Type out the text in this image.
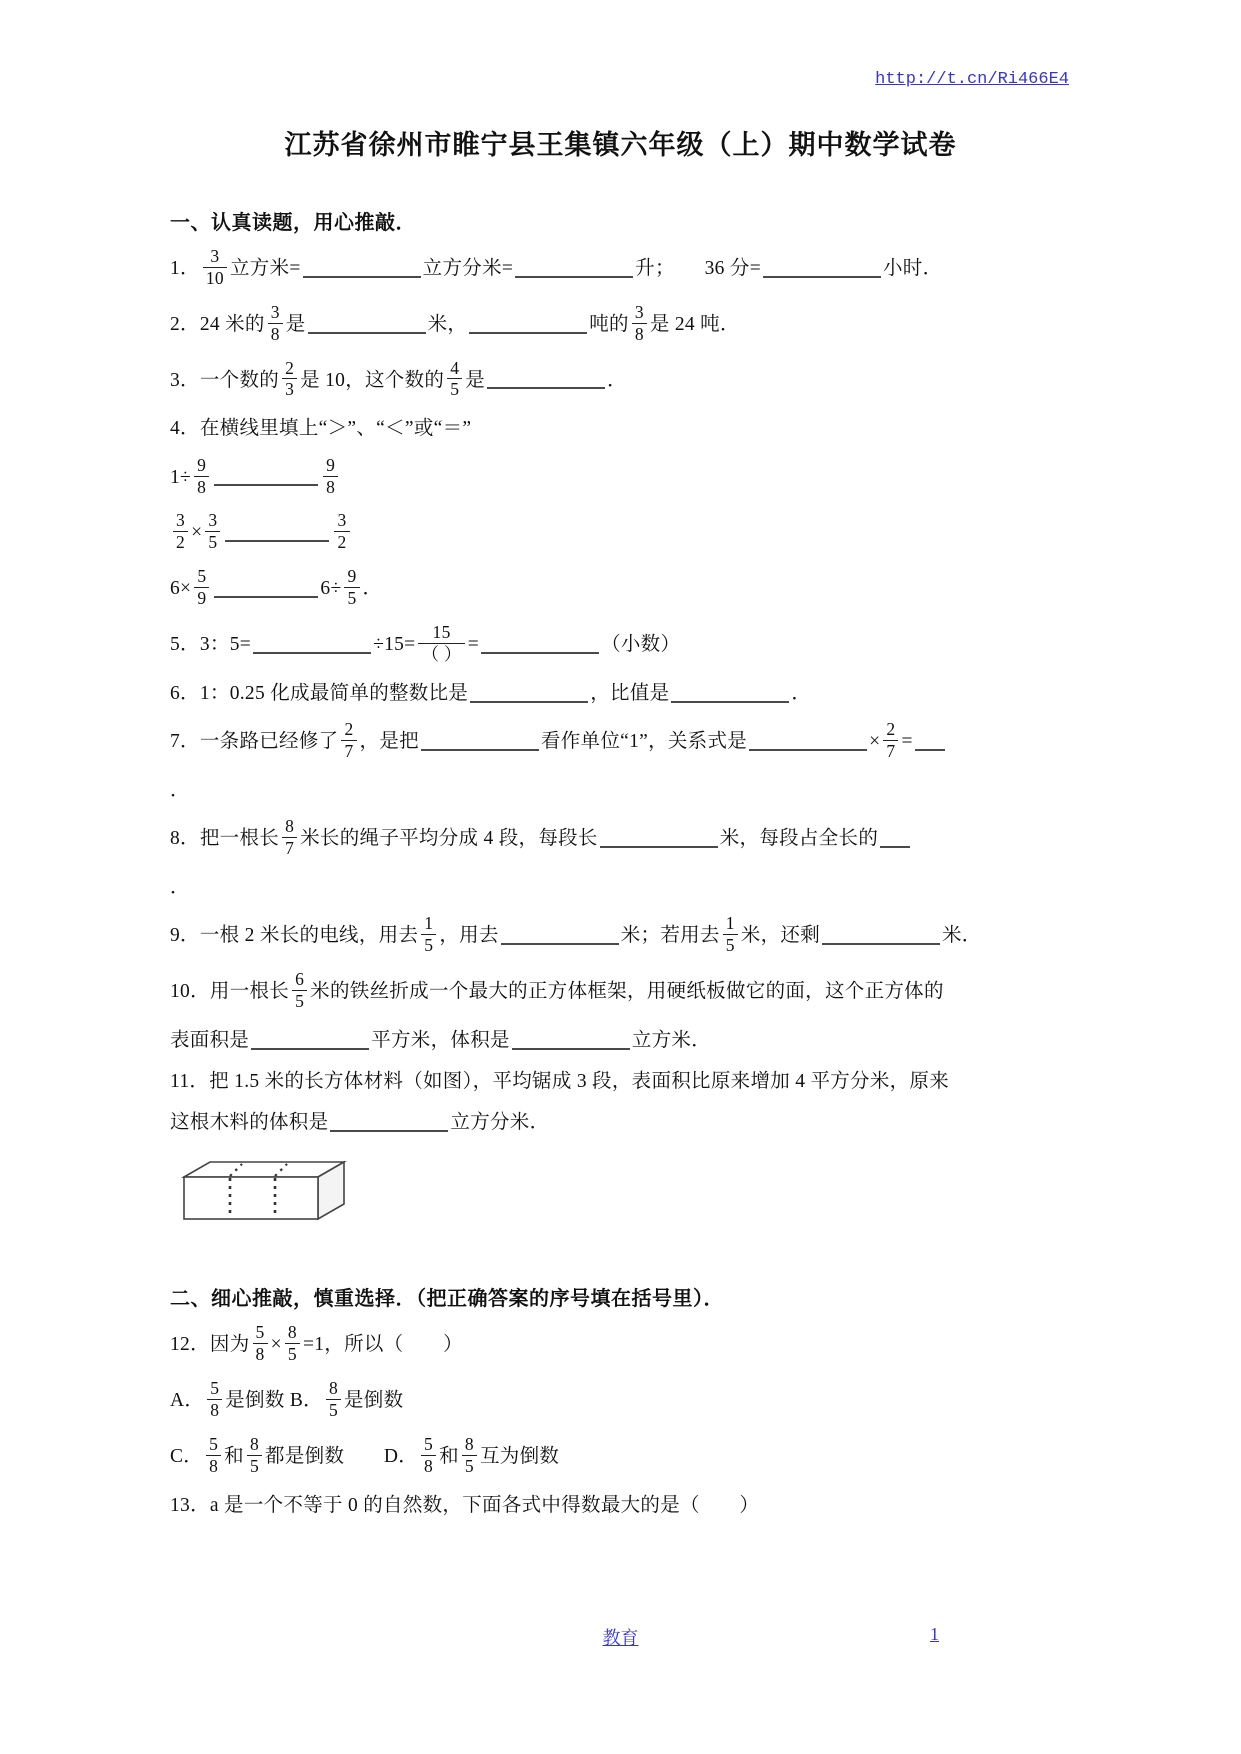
http://t.cn/Ri466E4
江苏省徐州市睢宁县王集镇六年级（上）期中数学试卷
一、认真读题，用心推敲．
1． $\frac{3}{10}$ 立方米=	立方分米=	升；　　36 分=	小时．
2．24 米的 $\frac{3}{8}$ 是	米，	吨的 $\frac{3}{8}$ 是 24 吨．
3．一个数的 $\frac{2}{3}$ 是 10，这个数的 $\frac{4}{5}$ 是	．
4．在横线里填上“＞”、“＜”或“＝”
$1\div \frac{9}{8}$	$\frac{9}{8}$
$\frac{3}{2} \times \frac{3}{5}$	$\frac{3}{2}$
$6\times \frac{5}{9}$	$6\div \frac{9}{5}$ ．
5．3：5=	$\div 15= \frac{15}{( )}$ =	（小数）
6．1：0.25 化成最简单的整数比是	，比值是	．
7．一条路已经修了 $\frac{2}{7}$ ，是把	看作单位“1”，关系式是	× $\frac{2}{7}$ =
．
8．把一根长 $\frac{8}{7}$ 米长的绳子平均分成 4 段，每段长	米，每段占全长的
．
9．一根 2 米长的电线，用去 $\frac{1}{5}$ ，用去	米；若用去 $\frac{1}{5}$ 米，还剩	米．
10．用一根长 $\frac{6}{5}$ 米的铁丝折成一个最大的正方体框架，用硬纸板做它的面，这个正方体的
表面积是	平方米，体积是	立方米．
11．把 1.5 米的长方体材料（如图），平均锯成 3 段，表面积比原来增加 4 平方分米，原来
这根木料的体积是	立方分米．
二、细心推敲，慎重选择．（把正确答案的序号填在括号里）．
12．因为 $\frac{5}{8} \times \frac{8}{5} =1$，所以（　　）
A． $\frac{5}{8}$ 是倒数 B． $\frac{8}{5}$ 是倒数
C． $\frac{5}{8}$ 和 $\frac{8}{5}$ 都是倒数　　D． $\frac{5}{8}$ 和 $\frac{8}{5}$ 互为倒数
13．a 是一个不等于 0 的自然数，下面各式中得数最大的是（　　）
教育	1
